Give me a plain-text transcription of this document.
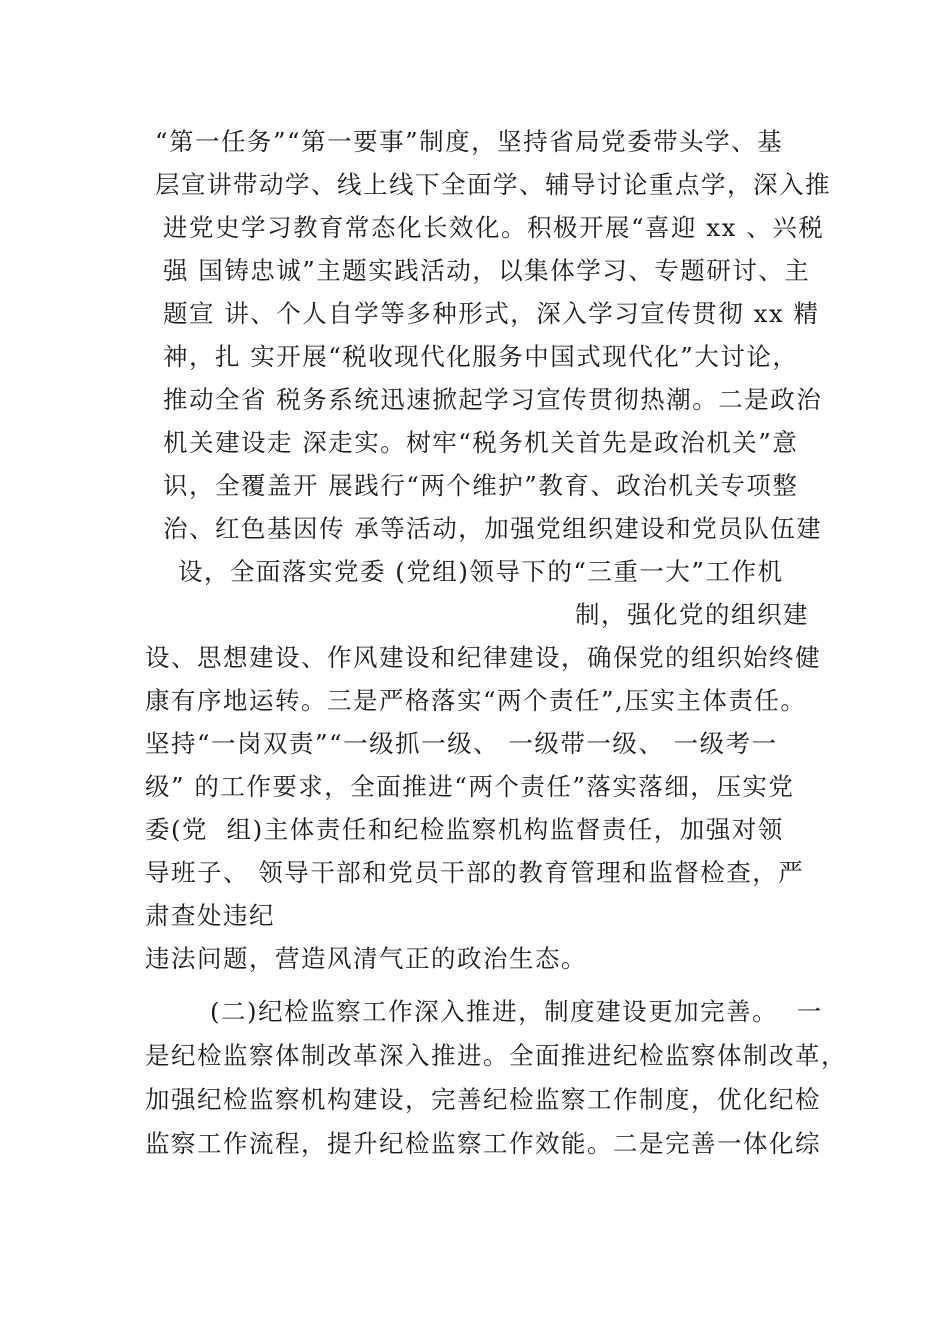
“第一任务”“第一要事”制度，坚持省局党委带头学、基
层宣讲带动学、线上线下全面学、辅导讨论重点学，深入推
进党史学习教育常态化长效化。积极开展“喜迎 xx 、兴税
强 国铸忠诚”主题实践活动，以集体学习、专题研讨、主
题宣 讲、个人自学等多种形式，深入学习宣传贯彻 xx 精
神，扎 实开展“税收现代化服务中国式现代化”大讨论，
推动全省 税务系统迅速掀起学习宣传贯彻热潮。二是政治
机关建设走 深走实。树牢“税务机关首先是政治机关”意
识，全覆盖开 展践行“两个维护”教育、政治机关专项整
治、红色基因传 承等活动，加强党组织建设和党员队伍建
设，全面落实党委 (党组)领导下的“三重一大”工作机
制，强化党的组织建
设、思想建设、作风建设和纪律建设，确保党的组织始终健
康有序地运转。三是严格落实“两个责任”,压实主体责任。
坚持“一岗双责”“一级抓一级、 一级带一级、 一级考一
级” 的工作要求，全面推进“两个责任”落实落细，压实党
委(党  组)主体责任和纪检监察机构监督责任，加强对领
导班子、 领导干部和党员干部的教育管理和监督检查，严
肃查处违纪
违法问题，营造风清气正的政治生态。
(二)纪检监察工作深入推进，制度建设更加完善。  一
是纪检监察体制改革深入推进。全面推进纪检监察体制改革，
加强纪检监察机构建设，完善纪检监察工作制度，优化纪检
监察工作流程，提升纪检监察工作效能。二是完善一体化综
